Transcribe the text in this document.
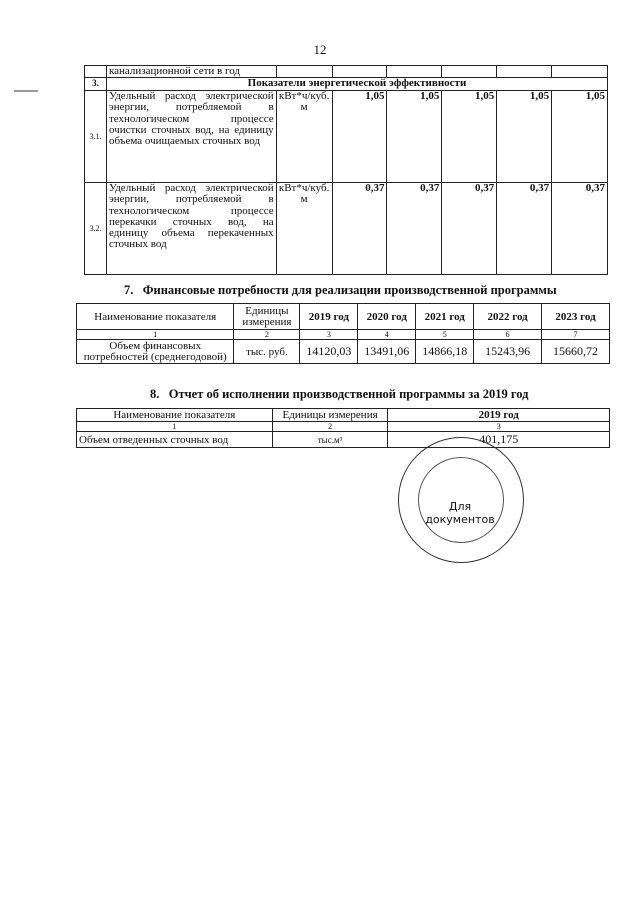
12
	канализационной сети в год						
3.	Показатели энергетической эффективности						
3.1.	Удельный расход электрической энергии, потребляемой в технологическом процессе очистки сточных вод, на единицу объема очищаемых сточных вод	кВт*ч/куб. м	1,05	1,05	1,05	1,05	1,05
3.2.	Удельный расход электрической энергии, потребляемой в технологическом процессе перекачки сточных вод, на единицу объема перекаченных сточных вод	кВт*ч/куб. м	0,37	0,37	0,37	0,37	0,37
7.   Финансовые потребности для реализации производственной программы
Наименование показателя	Единицы измерения	2019 год	2020 год	2021 год	2022 год	2023 год
1	2	3	4	5	6	7
Объем финансовых потребностей (среднегодовой)	тыс. руб.	14120,03	13491,06	14866,18	15243,96	15660,72
8.   Отчет об исполнении производственной программы за 2019 год
Наименование показателя	Единицы измерения	2019 год
1	2	3
Объем отведенных сточных вод	тыс.м³	401,175
Для документов
